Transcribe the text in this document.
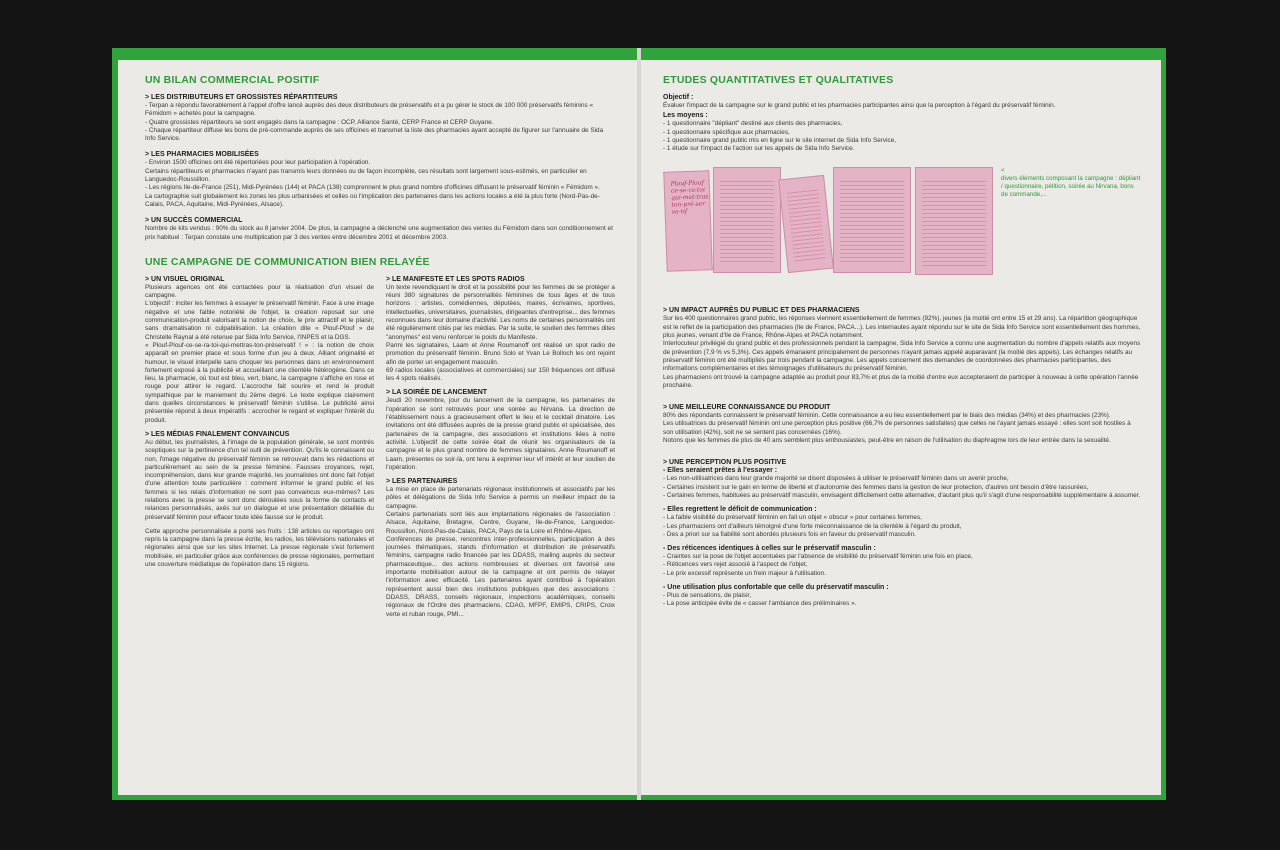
UN BILAN COMMERCIAL POSITIF
> LES DISTRIBUTEURS ET GROSSISTES RÉPARTITEURS

- Terpan a répondu favorablement à l'appel d'offre lancé auprès des deux distributeurs de préservatifs et a pu gérer le stock de 100 000 préservatifs féminins « Fémidom » achetés pour la campagne.
- Quatre grossistes répartiteurs se sont engagés dans la campagne : OCP, Alliance Santé, CERP France et CERP Guyane.
- Chaque répartiteur diffuse les bons de pré-commande auprès de ses officines et transmet la liste des pharmacies ayant accepté de figurer sur l'annuaire de Sida Info Service.

> LES PHARMACIES MOBILISÉES

- Environ 1500 officines ont été répertoriées pour leur participation à l'opération.
Certains répartiteurs et pharmacies n'ayant pas transmis leurs données ou de façon incomplète, ces résultats sont largement sous-estimés, en particulier en Languedoc-Roussillon.
- Les régions Ile-de-France (251), Midi-Pyrénées (144) et PACA (138) comprennent le plus grand nombre d'officines diffusant le préservatif féminin « Fémidom ».
La cartographie suit globalement les zones les plus urbanisées et celles où l'implication des partenaires dans les actions locales a été la plus forte (Nord-Pas-de-Calais, PACA, Aquitaine, Midi-Pyrénées, Alsace).

> UN SUCCÈS COMMERCIAL

Nombre de kits vendus : 90% du stock au 8 janvier 2004. De plus, la campagne a déclenché une augmentation des ventes du Fémidom dans son conditionnement et prix habituel : Terpan constate une multiplication par 3 des ventes entre décembre 2001 et décembre 2003.

UNE CAMPAGNE DE COMMUNICATION BIEN RELAYÉE
> UN VISUEL ORIGINAL

Plusieurs agences ont été contactées pour la réalisation d'un visuel de campagne.
L'objectif : inciter les femmes à essayer le préservatif féminin. Face à une image négative et une faible notoriété de l'objet, la création reposait sur une communication-produit valorisant la notion de choix, le prix attractif et le plaisir, sans dramatisation ni culpabilisation. La création dite « Plouf-Plouf » de Christelle Raynal a été retenue par Sida Info Service, l'INPES et la DGS.
« Plouf-Plouf-ce-se-ra-toi-qui-mettras-ton-préservatif ! » : la notion de choix apparaît en premier place et sous forme d'un jeu à deux. Alliant originalité et humour, le visuel interpelle sans choquer les personnes dans un environnement fortement exposé à la publicité et accueillant une clientèle hétérogène. Dans ce lieu, la pharmacie, où tout est bleu, vert, blanc, la campagne s'affiche en rose et rouge pour attirer le regard. L'accroche fait sourire et rend le produit sympathique par le maniement du 2ème degré. Le texte explique clairement dans quelles circonstances le préservatif féminin s'utilise. Le publicité ainsi présentée répond à deux impératifs : accrocher le regard et expliquer l'intérêt du produit.

> LES MÉDIAS FINALEMENT CONVAINCUS

Au début, les journalistes, à l'image de la population générale, se sont montrés sceptiques sur la pertinence d'un tel outil de prévention. Qu'ils le connaissent ou non, l'image négative du préservatif féminin se retrouvait dans les rédactions et particulièrement au sein de la presse féminine. Fausses croyances, rejet, incompréhension, dans leur grande majorité, les journalistes ont donc fait l'objet d'une attention toute particulière : comment informer le grand public et les femmes si les relais d'information ne sont pas convaincus eux-mêmes? Les relations avec la presse se sont donc déroulées sous la forme de contacts et relances personnalisés, axés sur un dialogue et une présentation détaillée du préservatif féminin pour effacer toute idée fausse sur le produit.

Cette approche personnalisée a porté ses fruits : 138 articles ou reportages ont repris la campagne dans la presse écrite, les radios, les télévisions nationales et régionales ainsi que sur les sites Internet. La presse régionale s'est fortement mobilisée, en particulier grâce aux conférences de presse régionales, permettant une couverture médiatique de l'opération dans 15 régions.

> LE MANIFESTE ET LES SPOTS RADIOS

Un texte revendiquant le droit et la possibilité pour les femmes de se protéger a réuni 380 signatures de personnalités féminines de tous âges et de tous horizons : artistes, comédiennes, députées, maires, écrivaines, sportives, intellectuelles, universitaires, journalistes, dirigeantes d'entreprise... des femmes reconnues dans leur domaine d'activité. Les noms de certaines personnalités ont été régulièrement cités par les médias. Par la suite, le soutien des femmes dites "anonymes" est venu renforcer le poids du Manifeste.
Parmi les signataires, Laam et Anne Roumanoff ont réalisé un spot radio de promotion du préservatif féminin. Bruno Solo et Yvan Le Bolloch les ont rejoint afin de porter un engagement masculin.
69 radios locales (associatives et commerciales) sur 150 fréquences ont diffusé les 4 spots réalisés.

> LA SOIRÉE DE LANCEMENT

Jeudi 20 novembre, jour du lancement de la campagne, les partenaires de l'opération se sont retrouvés pour une soirée au Nirvana. La direction de l'établissement nous a gracieusement offert le lieu et le cocktail dinatoire. Les invitations ont été diffusées auprès de la presse grand public et spécialisée, des partenaires de la campagne, des associations et institutions liées à notre activité. L'objectif de cette soirée était de réunir les organisateurs de la campagne et le plus grand nombre de femmes signataires. Anne Roumanoff et Laam, présentes ce soir-là, ont tenu à exprimer leur vif intérêt et leur soutien de l'opération.

> LES PARTENAIRES

La mise en place de partenariats régionaux institutionnels et associatifs par les pôles et délégations de Sida Info Service a permis un meilleur impact de la campagne.
Certains partenariats sont liés aux implantations régionales de l'association : Alsace, Aquitaine, Bretagne, Centre, Guyane, Ile-de-France, Languedoc-Roussillon, Nord-Pas-de-Calais, PACA, Pays de la Loire et Rhône-Alpes.
Conférences de presse, rencontres inter-professionnelles, participation à des journées thématiques, stands d'information et distribution de préservatifs féminins, campagne radio financée par les DDASS, mailing auprès du secteur pharmaceutique... des actions nombreuses et diverses ont favorisé une importante mobilisation autour de la campagne et ont permis de relayer l'information avec efficacité. Les partenaires ayant contribué à l'opération représentent aussi bien des institutions publiques que des associations : DDASS, DRASS, conseils régionaux, inspections académiques, conseils régionaux de l'Ordre des pharmaciens, CDAG, MFPF, EMIPS, CRIPS, Croix verte et ruban rouge, PMI...

ETUDES QUANTITATIVES ET QUALITATIVES
Objectif :

Évaluer l'impact de la campagne sur le grand public et les pharmacies participantes ainsi que la perception à l'égard du préservatif féminin.

Les moyens :

- 1 questionnaire "dépliant" destiné aux clients des pharmacies,
- 1 questionnaire spécifique aux pharmacies,
- 1 questionnaire grand public mis en ligne sur le site internet de Sida Info Service,
- 1 étude sur l'impact de l'action sur les appels de Sida Info Service.

Plouf-Plouf
ce-se-ra-toi
qui-met-tras
ton-pré-ser
va-tif
<
divers éléments composant la campagne : dépliant / questionnaire, pétition, soirée au Nirvana, bons de commande,...
> UN IMPACT AUPRÈS DU PUBLIC ET DES PHARMACIENS

Sur les 400 questionnaires grand public, les réponses viennent essentiellement de femmes (92%), jeunes (la moitié ont entre 15 et 29 ans). La répartition géographique est le reflet de la participation des pharmacies (Ile de France, PACA...). Les internautes ayant répondu sur le site de Sida Info Service sont essentiellement des hommes, plus jeunes, venant d'Ile de France, Rhône-Alpes et PACA notamment.
Interlocuteur privilégié du grand public et des professionnels pendant la campagne, Sida Info Service a connu une augmentation du nombre d'appels relatifs aux moyens de prévention (7,9 % vs 5,3%). Ces appels émanaient principalement de personnes n'ayant jamais appelé auparavant (la moitié des appels). Les échanges relatifs au préservatif féminin ont été multipliés par trois pendant la campagne. Les appels concernent des demandes de coordonnées des pharmacies participantes, des informations complémentaires et des témoignages d'utilisateurs du préservatif féminin.
Les pharmaciens ont trouvé la campagne adaptée au produit pour 83,7% et plus de la moitié d'entre eux accepteraient de participer à nouveau à cette opération l'année prochaine.

> UNE MEILLEURE CONNAISSANCE DU PRODUIT

80% des répondants connaissent le préservatif féminin. Cette connaissance a eu lieu essentiellement par le biais des médias (34%) et des pharmacies (23%).
Les utilisatrices du préservatif féminin ont une perception plus positive (66,7% de personnes satisfaites) que celles ne l'ayant jamais essayé : elles sont soit hostiles à son utilisation (42%), soit ne se sentent pas concernées (16%).
Notons que les femmes de plus de 40 ans semblent plus enthousiastes, peut-être en raison de l'utilisation du diaphragme lors de leur entrée dans la sexualité.

> UNE PERCEPTION PLUS POSITIVE
- Elles seraient prêtes à l'essayer :

- Les non-utilisatrices dans leur grande majorité se disent disposées à utiliser le préservatif féminin dans un avenir proche,
- Certaines insistent sur le gain en terme de liberté et d'autonomie des femmes dans la gestion de leur protection, d'autres ont besoin d'être rassurées,
- Certaines femmes, habituées au préservatif masculin, envisagent difficilement cette alternative, d'autant plus qu'il s'agit d'une responsabilité supplémentaire à assumer.

- Elles regrettent le déficit de communication :

- La faible visibilité du préservatif féminin en fait un objet « obscur » pour certaines femmes,
- Les pharmaciens ont d'ailleurs témoigné d'une forte méconnaissance de la clientèle à l'égard du produit,
- Des a priori sur sa fiabilité sont abordés plusieurs fois en faveur du préservatif masculin.

- Des réticences identiques à celles sur le préservatif masculin :

- Craintes sur la pose de l'objet accentuées par l'absence de visibilité du préservatif féminin une fois en place,
- Réticences vers rejet associé à l'aspect de l'objet,
- Le prix excessif représente un frein majeur à l'utilisation.

- Une utilisation plus confortable que celle du préservatif masculin :

- Plus de sensations, de plaisir,
- La pose anticipée évite de « casser l'ambiance des préliminaires ».
